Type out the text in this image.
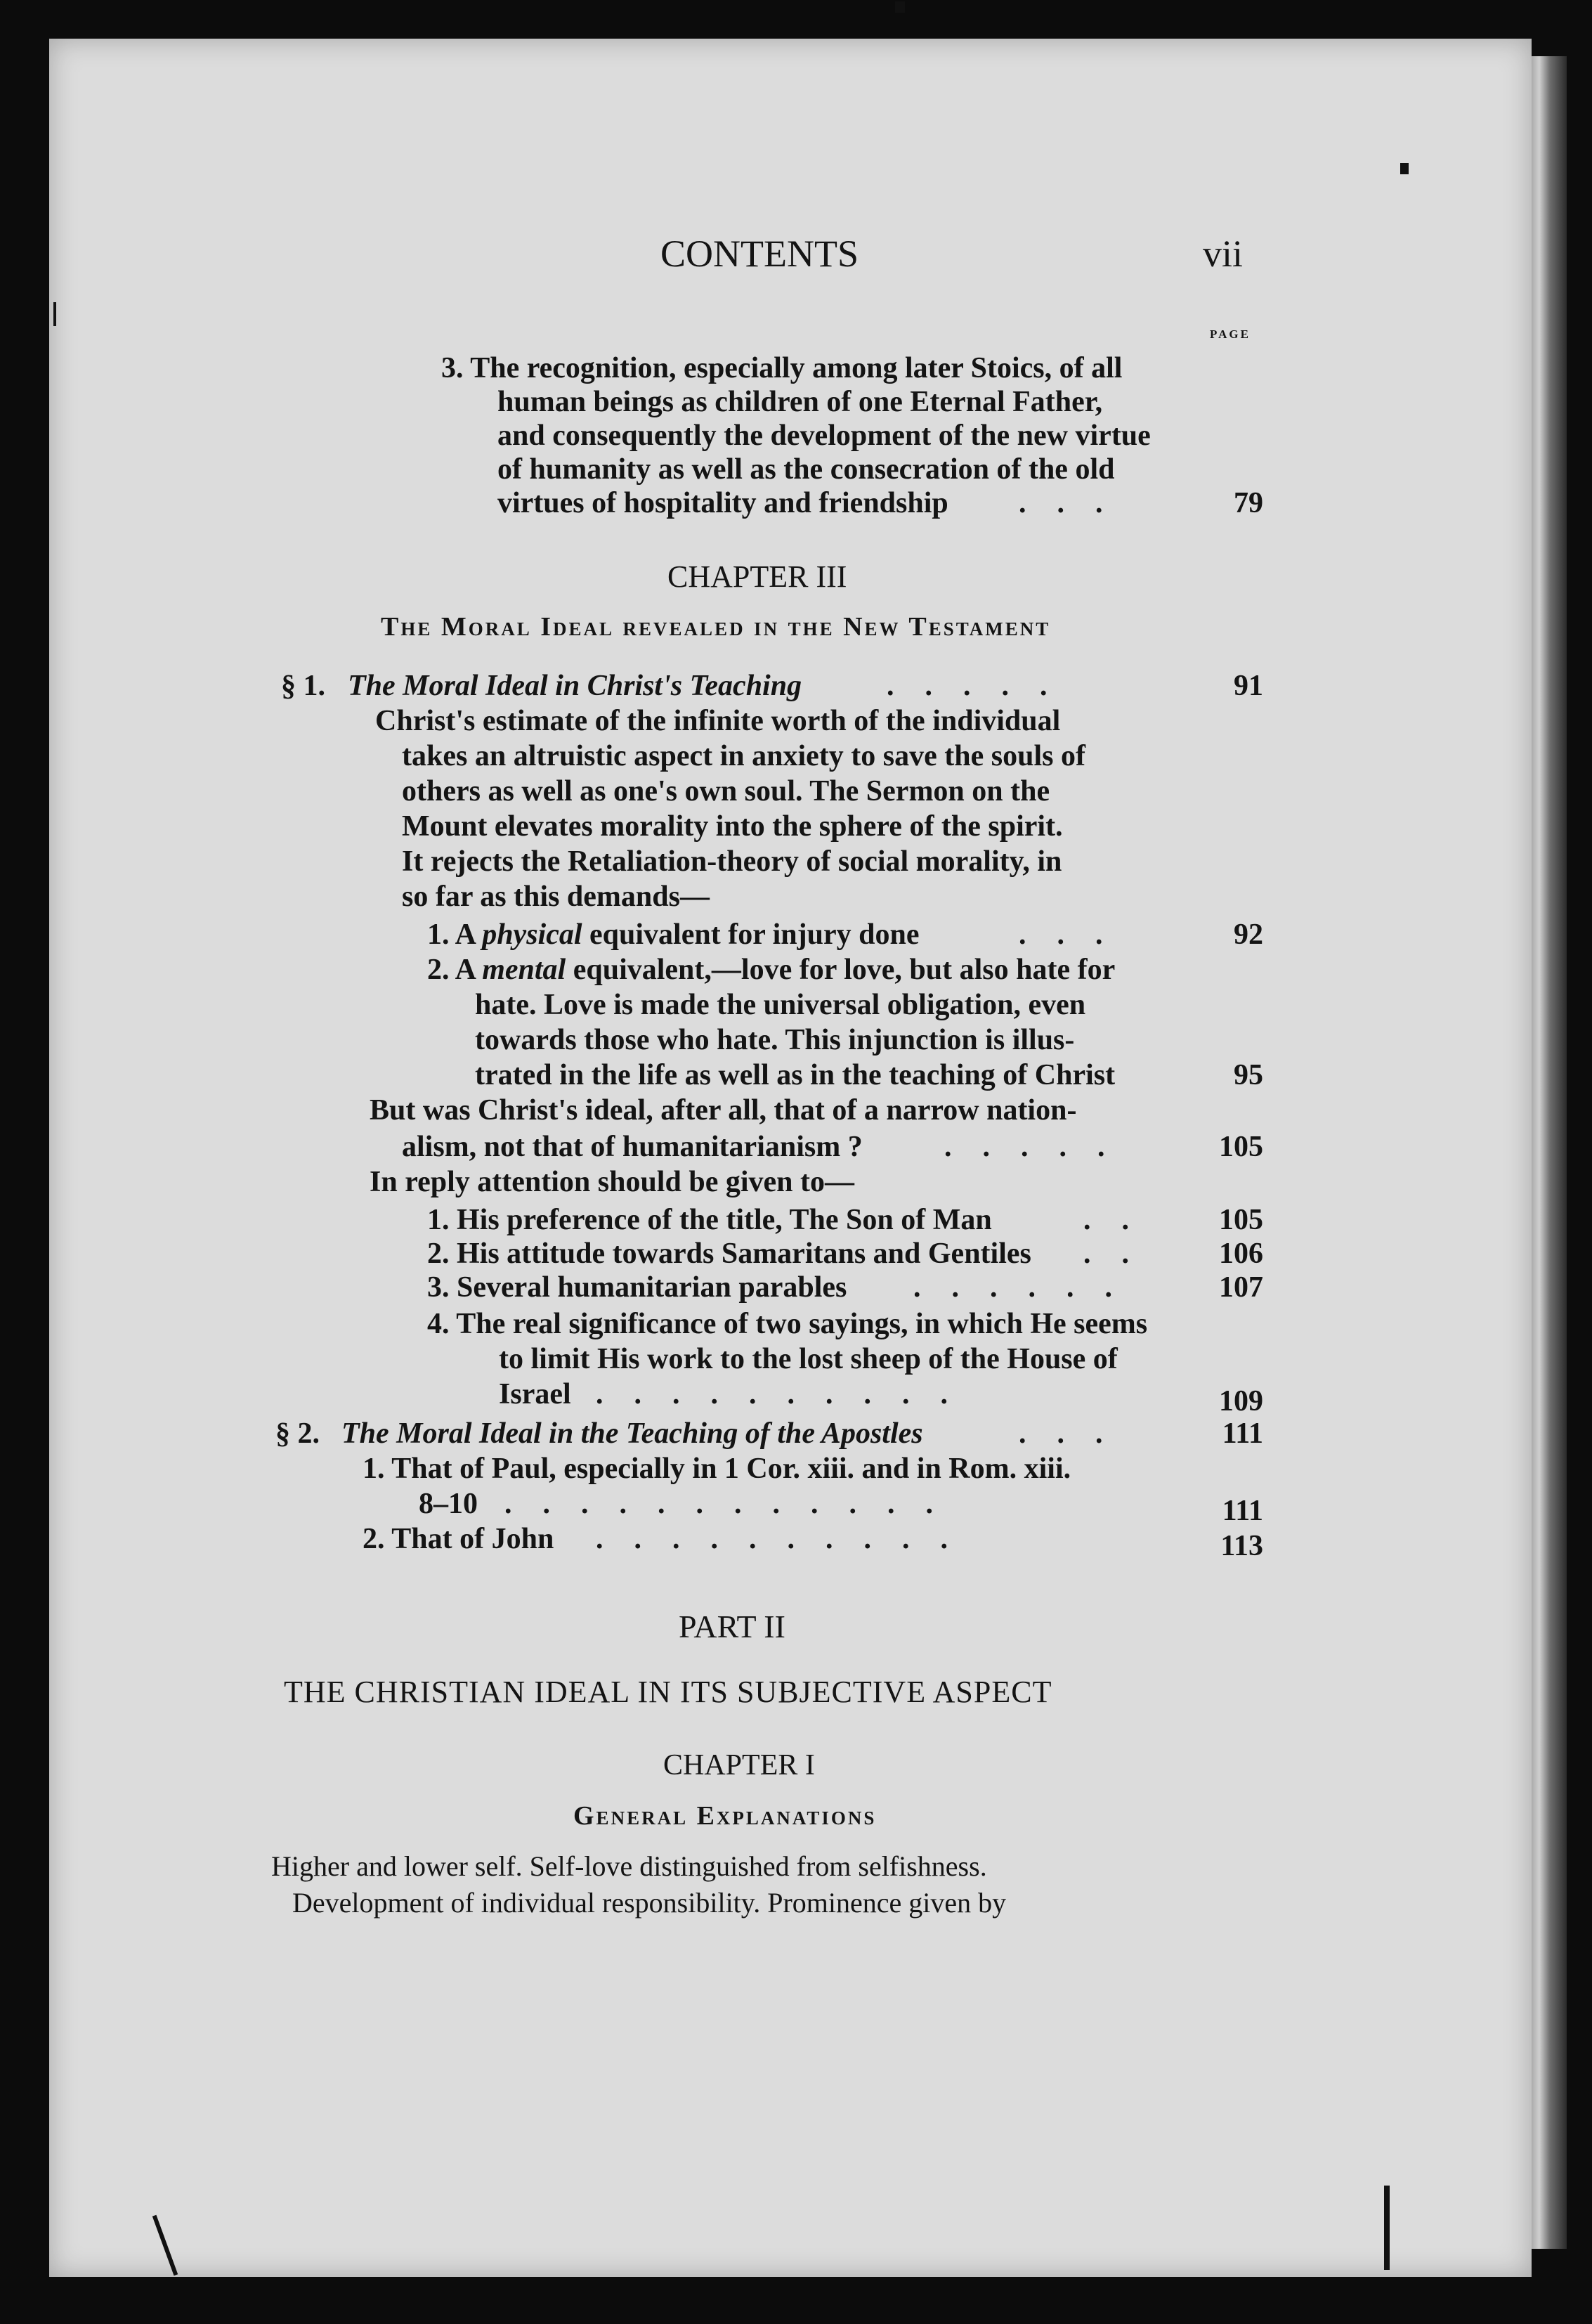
CONTENTS	vii
PAGE
3. The recognition, especially among later Stoics, of all
human beings as children of one Eternal Father,
and consequently the development of the new virtue
of humanity as well as the consecration of the old
virtues of hospitality and friendship ...	79
CHAPTER III
The Moral Ideal revealed in the New Testament
§ 1. The Moral Ideal in Christ's Teaching	.....	91
Christ's estimate of the infinite worth of the individual
takes an altruistic aspect in anxiety to save the souls of
others as well as one's own soul. The Sermon on the
Mount elevates morality into the sphere of the spirit.
It rejects the Retaliation-theory of social morality, in
so far as this demands—
1. A physical equivalent for injury done	...	92
2. A mental equivalent,—love for love, but also hate for
hate. Love is made the universal obligation, even
towards those who hate. This injunction is illus-
trated in the life as well as in the teaching of Christ	95
But was Christ's ideal, after all, that of a narrow nation-
alism, not that of humanitarianism ?	.....	105
In reply attention should be given to—
1. His preference of the title, The Son of Man	..	105
2. His attitude towards Samaritans and Gentiles ..	106
3. Several humanitarian parables ......	107
4. The real significance of two sayings, in which He seems
to limit His work to the lost sheep of the House of
Israel ..........	109
§ 2. The Moral Ideal in the Teaching of the Apostles	...	111
1. That of Paul, especially in 1 Cor. xiii. and in Rom. xiii.
8–10 ............	111
2. That of John ..........	113
PART II
THE CHRISTIAN IDEAL IN ITS SUBJECTIVE ASPECT
CHAPTER I
General Explanations
Higher and lower self. Self-love distinguished from selfishness.
Development of individual responsibility. Prominence given by
